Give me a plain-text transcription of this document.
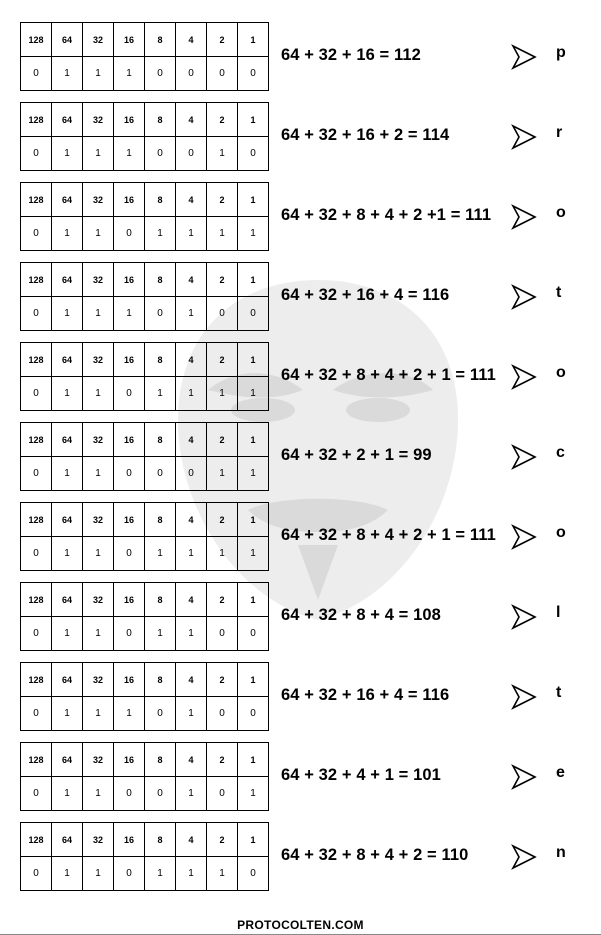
128	64	32	16	8	4	2	1
0	1	1	1	0	0	0	0
64 + 32 + 16 = 112	p
128	64	32	16	8	4	2	1
0	1	1	1	0	0	1	0
64 + 32 + 16 + 2 = 114	r
128	64	32	16	8	4	2	1
0	1	1	0	1	1	1	1
64 + 32 + 8 + 4 + 2 +1 = 111	o
128	64	32	16	8	4	2	1
0	1	1	1	0	1	0	0
64 + 32 + 16 + 4 = 116	t
128	64	32	16	8	4	2	1
0	1	1	0	1	1	1	1
64 + 32 + 8 + 4 + 2 + 1 = 111	o
128	64	32	16	8	4	2	1
0	1	1	0	0	0	1	1
64 + 32 + 2 + 1 = 99	c
128	64	32	16	8	4	2	1
0	1	1	0	1	1	1	1
64 + 32 + 8 + 4 + 2 + 1 = 111	o
128	64	32	16	8	4	2	1
0	1	1	0	1	1	0	0
64 + 32 + 8 + 4 = 108	l
128	64	32	16	8	4	2	1
0	1	1	1	0	1	0	0
64 + 32 + 16 + 4 = 116	t
128	64	32	16	8	4	2	1
0	1	1	0	0	1	0	1
64 + 32 + 4 + 1 = 101	e
128	64	32	16	8	4	2	1
0	1	1	0	1	1	1	0
64 + 32 + 8 + 4 + 2 = 110	n
PROTOCOLTEN.COM
